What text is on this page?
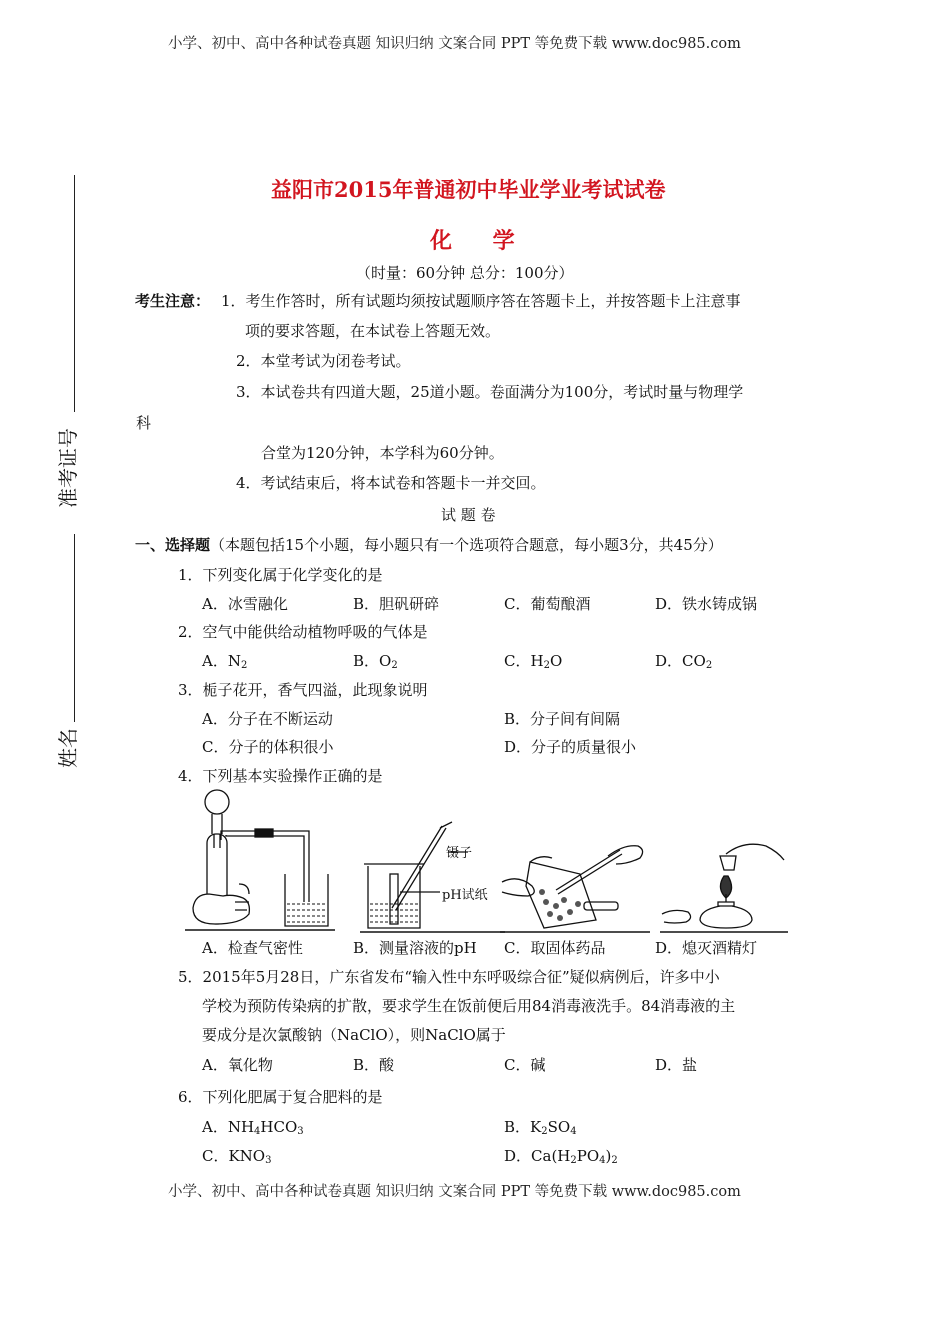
小学、初中、高中各种试卷真题 知识归纳 文案合同 PPT 等免费下载 www.doc985.com
小学、初中、高中各种试卷真题 知识归纳 文案合同 PPT 等免费下载 www.doc985.com
准考证号
姓名
益阳市2015年普通初中毕业学业考试试卷
化    学
（时量：60分钟 总分：100分）
考生注意： 1．考生作答时，所有试题均须按试题顺序答在答题卡上，并按答题卡上注意事
项的要求答题，在本试卷上答题无效。
2．本堂考试为闭卷考试。
3．本试卷共有四道大题，25道小题。卷面满分为100分，考试时量与物理学
科
合堂为120分钟，本学科为60分钟。
4．考试结束后，将本试卷和答题卡一并交回。
试 题 卷
一、选择题（本题包括15个小题，每小题只有一个选项符合题意，每小题3分，共45分）
1．下列变化属于化学变化的是
A．冰雪融化	B．胆矾研碎	C．葡萄酿酒	D．铁水铸成锅
2．空气中能供给动植物呼吸的气体是
A．$N_2$	B．$O_2$	C．$H_2O$	D．$CO_2$
3．栀子花开，香气四溢，此现象说明
A．分子在不断运动	B．分子间有间隔
C．分子的体积很小	D．分子的质量很小
4．下列基本实验操作正确的是
镊子
pH试纸
A．检查气密性	B．测量溶液的pH C．取固体药品	D．熄灭酒精灯
5．2015年5月28日，广东省发布“输入性中东呼吸综合征”疑似病例后，许多中小
学校为预防传染病的扩散，要求学生在饭前便后用84消毒液洗手。84消毒液的主
要成分是次氯酸钠（NaClO），则NaClO属于
A．氧化物	B．酸	C．碱	D．盐
6．下列化肥属于复合肥料的是
A．$NH_4HCO_3$	B．$K_2SO_4$
C．$KNO_3$	D．$Ca(H_2PO_4)_2$
